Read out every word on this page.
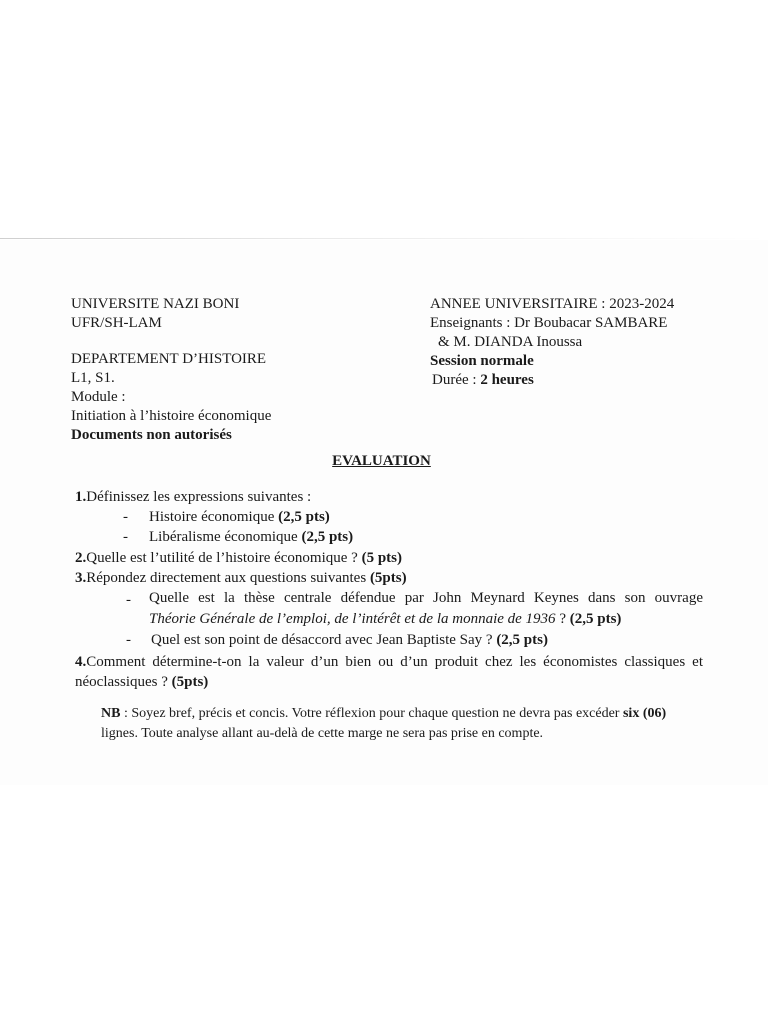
UNIVERSITE NAZI BONI
UFR/SH-LAM
DEPARTEMENT D’HISTOIRE
L1, S1.
Module :
Initiation à l’histoire économique
Documents non autorisés
ANNEE UNIVERSITAIRE : 2023-2024
Enseignants : Dr Boubacar SAMBARE
& M. DIANDA Inoussa
Session normale
Durée : 2 heures
EVALUATION
1.Définissez les expressions suivantes :
- Histoire économique (2,5 pts)
- Libéralisme économique (2,5 pts)
2.Quelle est l’utilité de l’histoire économique ? (5 pts)
3.Répondez directement aux questions suivantes (5pts)
- Quelle est la thèse centrale défendue par John Meynard Keynes dans son ouvrage
Théorie Générale de l’emploi, de l’intérêt et de la monnaie de 1936 ? (2,5 pts)
- Quel est son point de désaccord avec Jean Baptiste Say ? (2,5 pts)
4.Comment détermine-t-on la valeur d’un bien ou d’un produit chez les économistes classiques et
néoclassiques ? (5pts)
NB : Soyez bref, précis et concis. Votre réflexion pour chaque question ne devra pas excéder six (06) lignes. Toute analyse allant au-delà de cette marge ne sera pas prise en compte.
